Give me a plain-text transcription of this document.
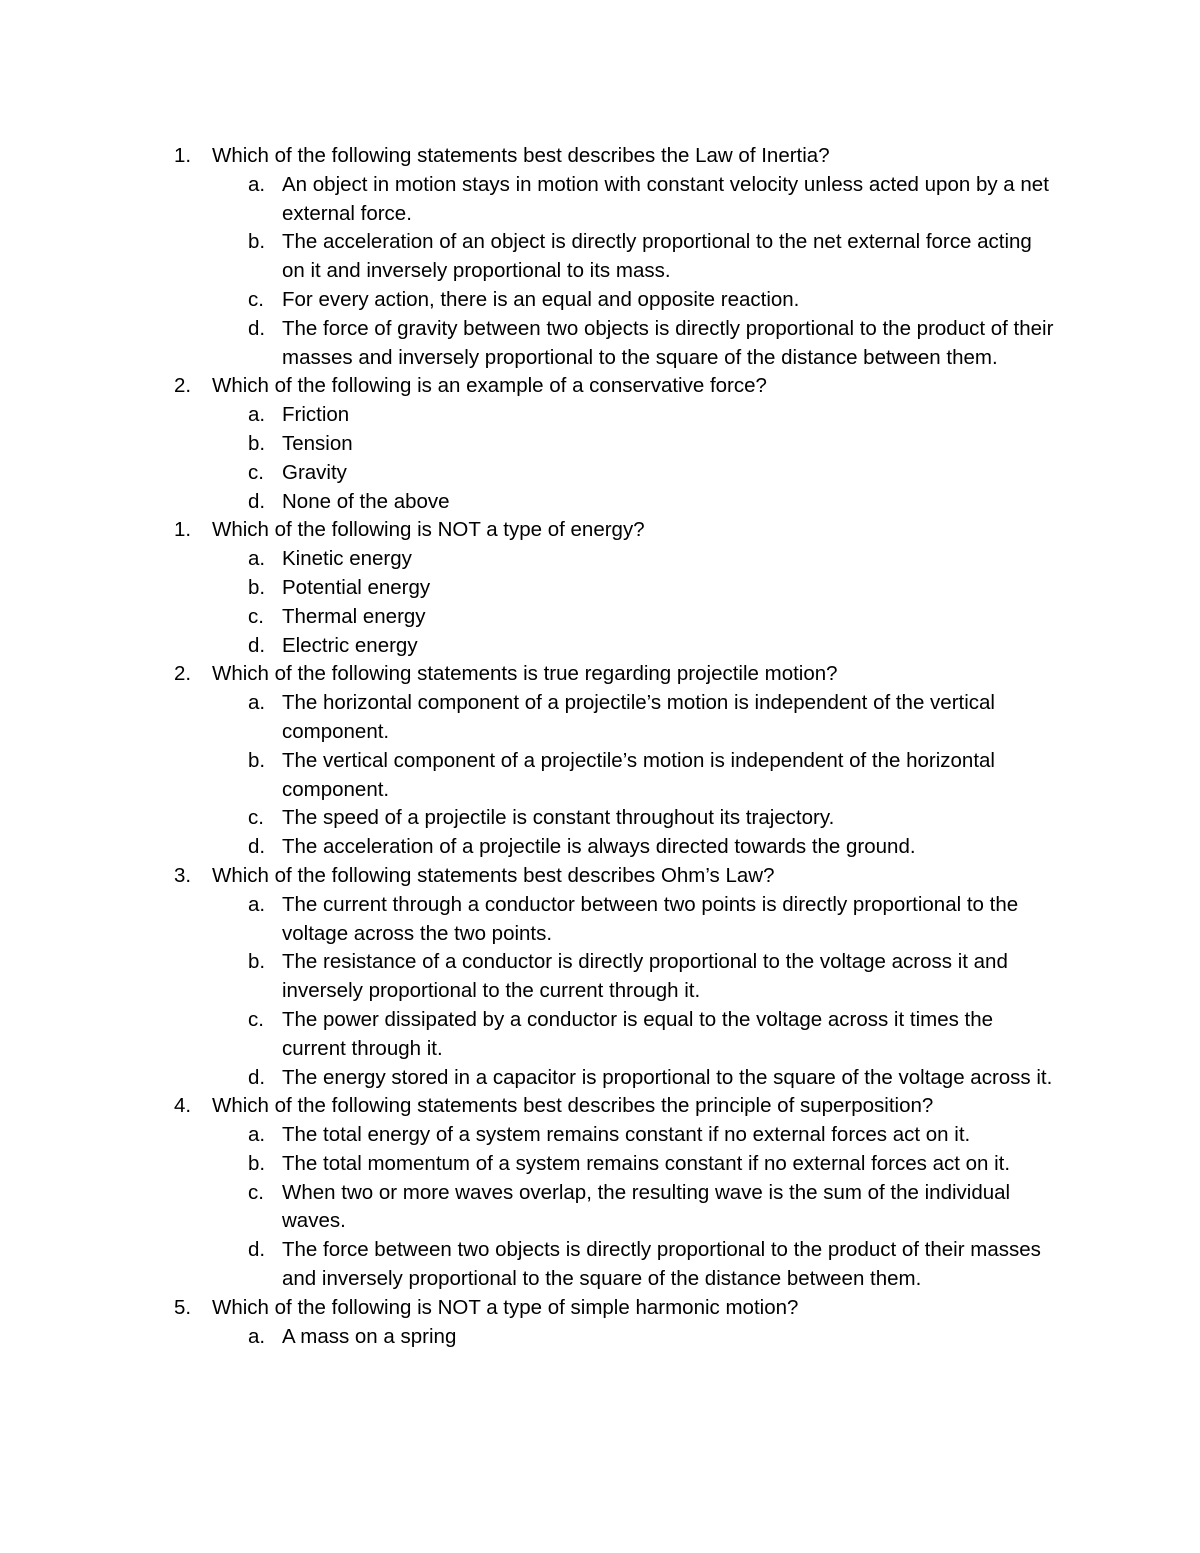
1. Which of the following statements best describes the Law of Inertia?
a. An object in motion stays in motion with constant velocity unless acted upon by a net external force.
b. The acceleration of an object is directly proportional to the net external force acting on it and inversely proportional to its mass.
c. For every action, there is an equal and opposite reaction.
d. The force of gravity between two objects is directly proportional to the product of their masses and inversely proportional to the square of the distance between them.
2. Which of the following is an example of a conservative force?
a. Friction
b. Tension
c. Gravity
d. None of the above
1. Which of the following is NOT a type of energy?
a. Kinetic energy
b. Potential energy
c. Thermal energy
d. Electric energy
2. Which of the following statements is true regarding projectile motion?
a. The horizontal component of a projectile’s motion is independent of the vertical component.
b. The vertical component of a projectile’s motion is independent of the horizontal component.
c. The speed of a projectile is constant throughout its trajectory.
d. The acceleration of a projectile is always directed towards the ground.
3. Which of the following statements best describes Ohm’s Law?
a. The current through a conductor between two points is directly proportional to the voltage across the two points.
b. The resistance of a conductor is directly proportional to the voltage across it and inversely proportional to the current through it.
c. The power dissipated by a conductor is equal to the voltage across it times the current through it.
d. The energy stored in a capacitor is proportional to the square of the voltage across it.
4. Which of the following statements best describes the principle of superposition?
a. The total energy of a system remains constant if no external forces act on it.
b. The total momentum of a system remains constant if no external forces act on it.
c. When two or more waves overlap, the resulting wave is the sum of the individual waves.
d. The force between two objects is directly proportional to the product of their masses and inversely proportional to the square of the distance between them.
5. Which of the following is NOT a type of simple harmonic motion?
a. A mass on a spring
